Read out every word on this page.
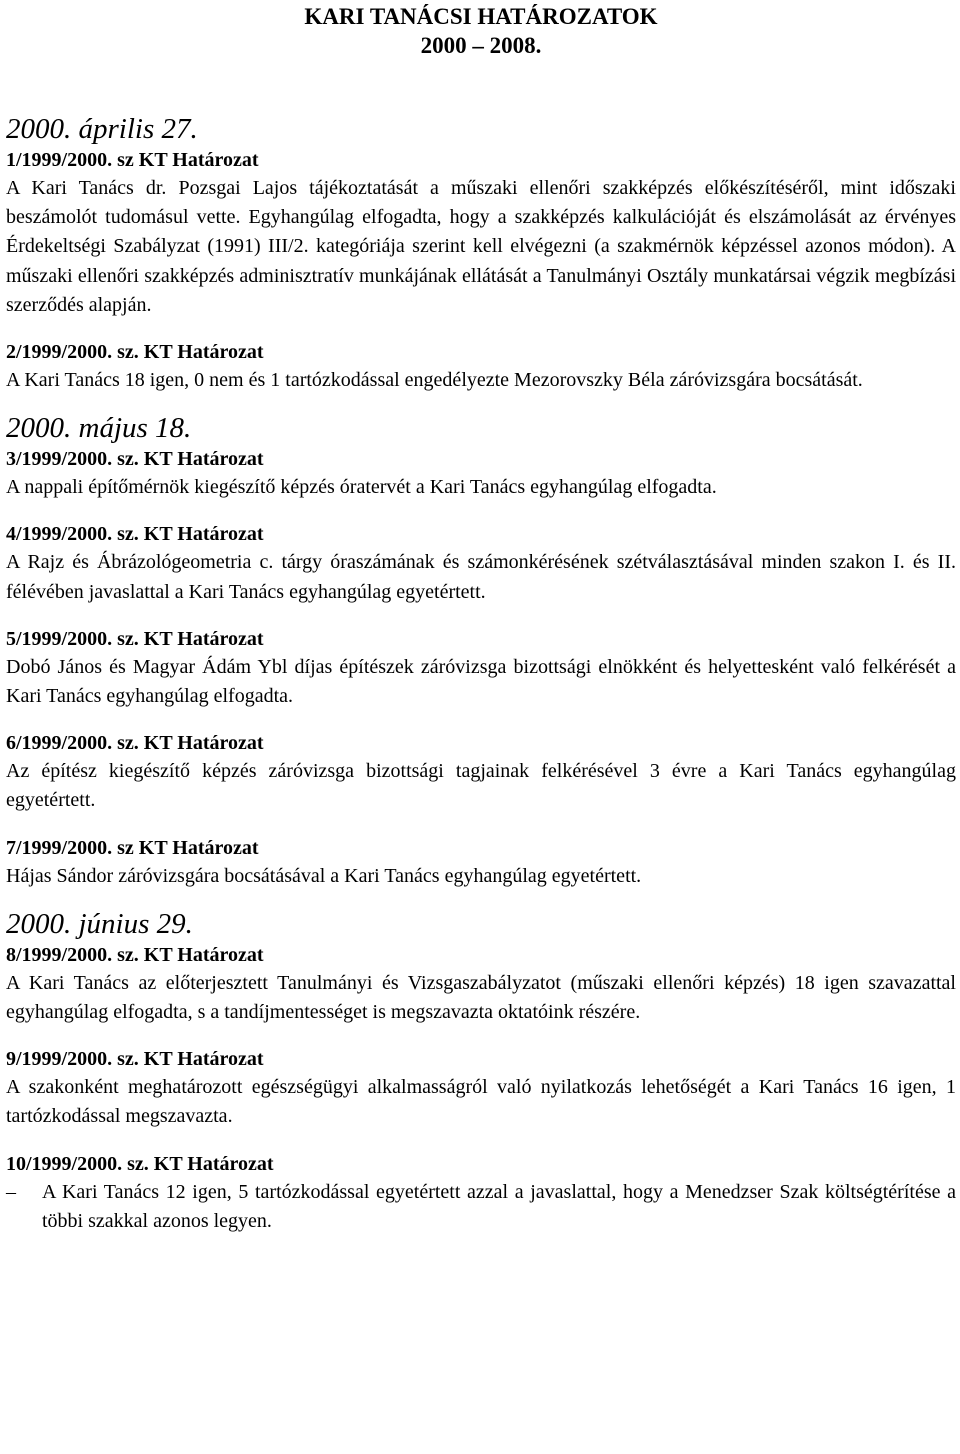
KARI TANÁCSI HATÁROZATOK
2000 – 2008.
2000. április 27.
1/1999/2000. sz KT Határozat
A Kari Tanács dr. Pozsgai Lajos tájékoztatását a műszaki ellenőri szakképzés előkészítéséről, mint időszaki beszámolót tudomásul vette. Egyhangúlag elfogadta, hogy a szakképzés kalkulációját és elszámolását az érvényes Érdekeltségi Szabályzat (1991) III/2. kategóriája szerint kell elvégezni (a szakmérnök képzéssel azonos módon). A műszaki ellenőri szakképzés adminisztratív munkájának ellátását a Tanulmányi Osztály munkatársai végzik megbízási szerződés alapján.
2/1999/2000. sz. KT Határozat
A Kari Tanács 18 igen, 0 nem és 1 tartózkodással engedélyezte Mezorovszky Béla záróvizsgára bocsátását.
2000. május 18.
3/1999/2000. sz. KT Határozat
A nappali építőmérnök kiegészítő képzés óratervét a Kari Tanács egyhangúlag elfogadta.
4/1999/2000. sz. KT Határozat
A Rajz és Ábrázológeometria c. tárgy óraszámának és számonkérésének szétválasztásával minden szakon I. és II. félévében javaslattal a Kari Tanács egyhangúlag egyetértett.
5/1999/2000. sz. KT Határozat
Dobó János és Magyar Ádám Ybl díjas építészek záróvizsga bizottsági elnökként és helyettesként való felkérését a Kari Tanács egyhangúlag elfogadta.
6/1999/2000. sz. KT Határozat
Az építész kiegészítő képzés záróvizsga bizottsági tagjainak felkérésével 3 évre a Kari Tanács egyhangúlag egyetértett.
7/1999/2000. sz KT Határozat
Hájas Sándor záróvizsgára bocsátásával a Kari Tanács egyhangúlag egyetértett.
2000. június 29.
8/1999/2000. sz. KT Határozat
A Kari Tanács az előterjesztett Tanulmányi és Vizsgaszabályzatot (műszaki ellenőri képzés) 18 igen szavazattal egyhangúlag elfogadta, s a tandíjmentességet is megszavazta oktatóink részére.
9/1999/2000. sz. KT Határozat
A szakonként meghatározott egészségügyi alkalmasságról való nyilatkozás lehetőségét a Kari Tanács 16 igen, 1 tartózkodással megszavazta.
10/1999/2000. sz. KT Határozat
–	A Kari Tanács 12 igen, 5 tartózkodással egyetértett azzal a javaslattal, hogy a Menedzser Szak költségtérítése a többi szakkal azonos legyen.
